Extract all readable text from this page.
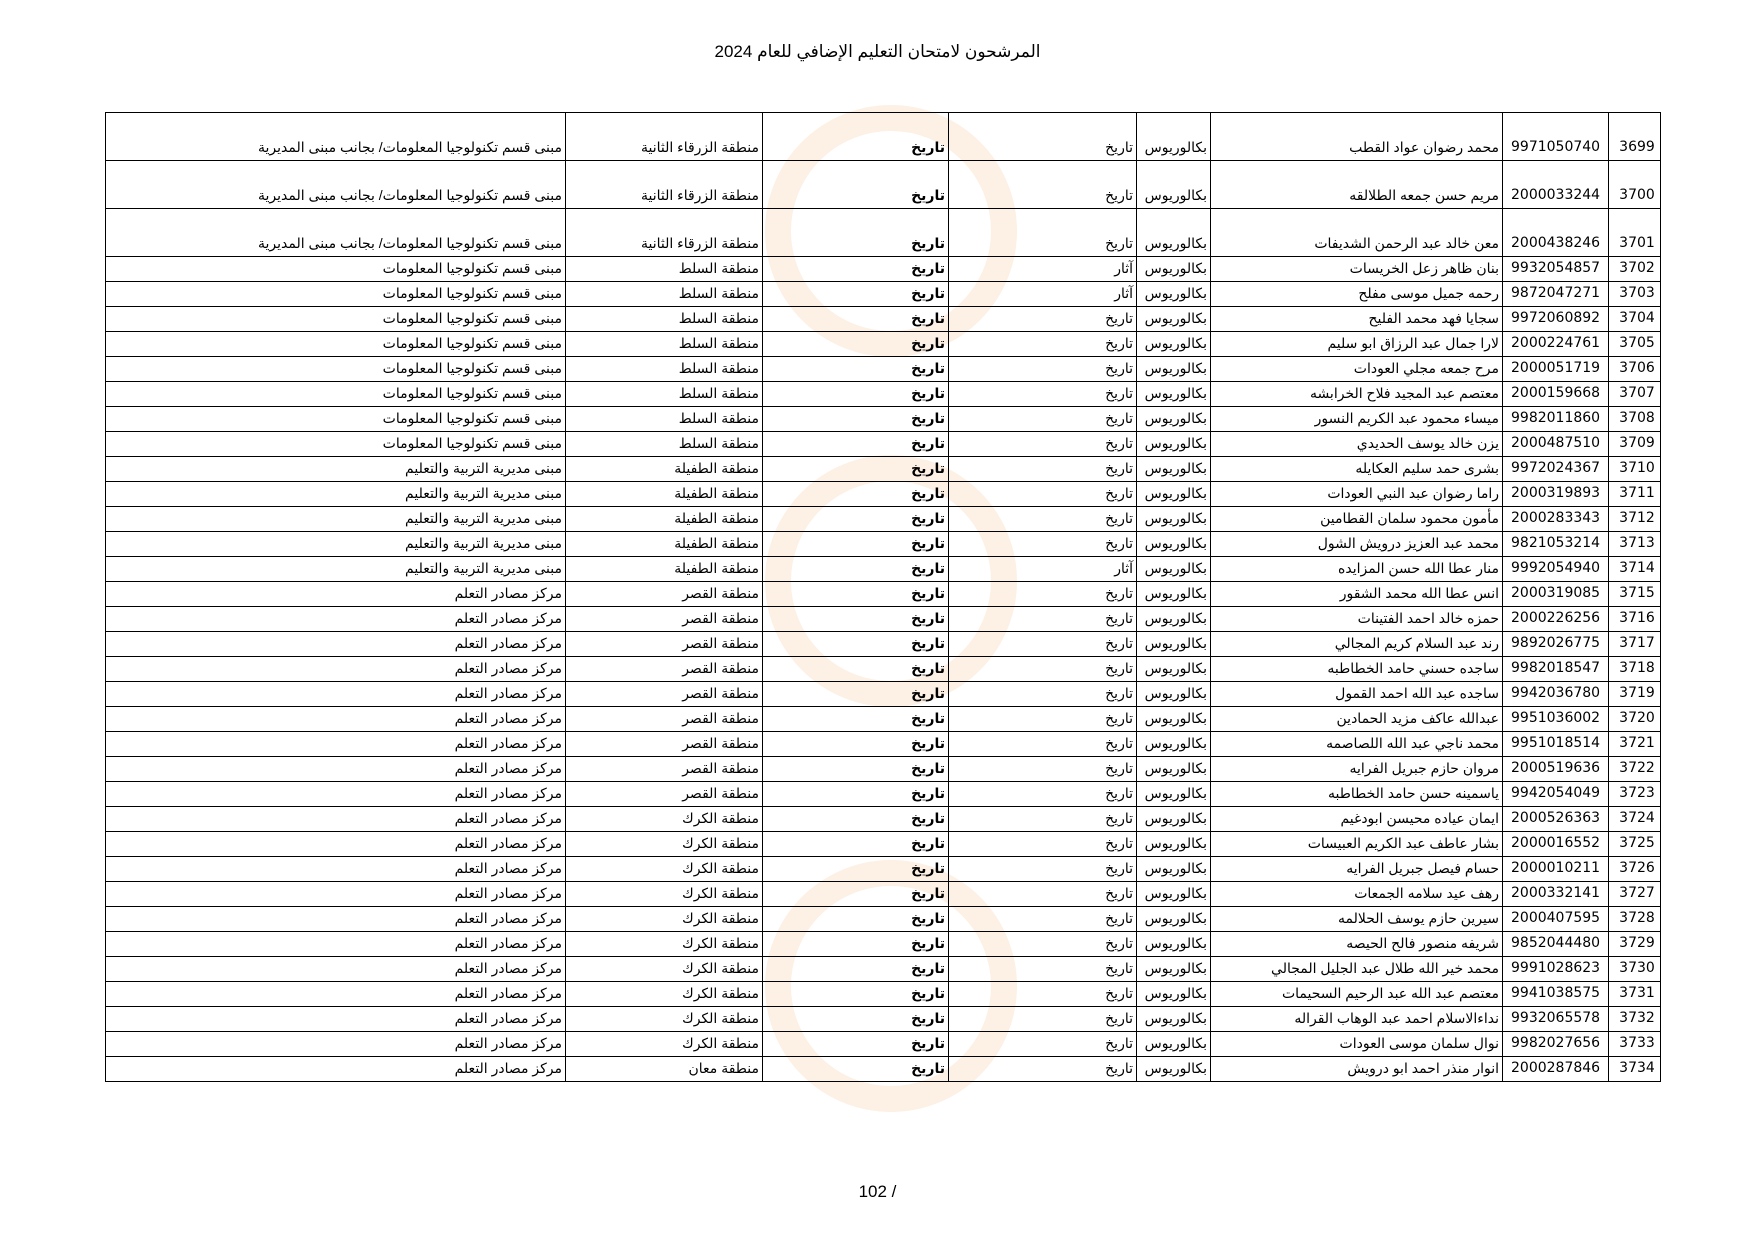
المرشحون لامتحان التعليم الإضافي للعام 2024
3699	9971050740	محمد رضوان عواد القطب	بكالوريوس	تاريخ	تاريخ	منطقة الزرقاء الثانية	مبنى قسم تكنولوجيا المعلومات/ بجانب مبنى المديرية
3700	2000033244	مريم حسن جمعه الطلالقه	بكالوريوس	تاريخ	تاريخ	منطقة الزرقاء الثانية	مبنى قسم تكنولوجيا المعلومات/ بجانب مبنى المديرية
3701	2000438246	معن خالد عبد الرحمن الشديفات	بكالوريوس	تاريخ	تاريخ	منطقة الزرقاء الثانية	مبنى قسم تكنولوجيا المعلومات/ بجانب مبنى المديرية
3702	9932054857	بنان ظاهر زعل الخريسات	بكالوريوس	آثار	تاريخ	منطقة السلط	مبنى قسم تكنولوجيا المعلومات
3703	9872047271	رحمه جميل موسى مفلح	بكالوريوس	آثار	تاريخ	منطقة السلط	مبنى قسم تكنولوجيا المعلومات
3704	9972060892	سجايا فهد محمد الفليح	بكالوريوس	تاريخ	تاريخ	منطقة السلط	مبنى قسم تكنولوجيا المعلومات
3705	2000224761	لارا جمال عبد الرزاق ابو سليم	بكالوريوس	تاريخ	تاريخ	منطقة السلط	مبنى قسم تكنولوجيا المعلومات
3706	2000051719	مرح جمعه مجلي العودات	بكالوريوس	تاريخ	تاريخ	منطقة السلط	مبنى قسم تكنولوجيا المعلومات
3707	2000159668	معتصم عبد المجيد فلاح الخرابشه	بكالوريوس	تاريخ	تاريخ	منطقة السلط	مبنى قسم تكنولوجيا المعلومات
3708	9982011860	ميساء محمود عبد الكريم النسور	بكالوريوس	تاريخ	تاريخ	منطقة السلط	مبنى قسم تكنولوجيا المعلومات
3709	2000487510	يزن خالد يوسف الحديدي	بكالوريوس	تاريخ	تاريخ	منطقة السلط	مبنى قسم تكنولوجيا المعلومات
3710	9972024367	بشرى حمد سليم العكايله	بكالوريوس	تاريخ	تاريخ	منطقة الطفيلة	مبنى مديرية التربية والتعليم
3711	2000319893	راما رضوان عبد النبي العودات	بكالوريوس	تاريخ	تاريخ	منطقة الطفيلة	مبنى مديرية التربية والتعليم
3712	2000283343	مأمون محمود سلمان القطامين	بكالوريوس	تاريخ	تاريخ	منطقة الطفيلة	مبنى مديرية التربية والتعليم
3713	9821053214	محمد عبد العزيز درويش الشول	بكالوريوس	تاريخ	تاريخ	منطقة الطفيلة	مبنى مديرية التربية والتعليم
3714	9992054940	منار عطا الله حسن المزايده	بكالوريوس	آثار	تاريخ	منطقة الطفيلة	مبنى مديرية التربية والتعليم
3715	2000319085	انس عطا الله محمد الشقور	بكالوريوس	تاريخ	تاريخ	منطقة القصر	مركز مصادر التعلم
3716	2000226256	حمزه خالد احمد الفتينات	بكالوريوس	تاريخ	تاريخ	منطقة القصر	مركز مصادر التعلم
3717	9892026775	رند عبد السلام كريم المجالي	بكالوريوس	تاريخ	تاريخ	منطقة القصر	مركز مصادر التعلم
3718	9982018547	ساجده حسني حامد الخطاطبه	بكالوريوس	تاريخ	تاريخ	منطقة القصر	مركز مصادر التعلم
3719	9942036780	ساجده عبد الله احمد القمول	بكالوريوس	تاريخ	تاريخ	منطقة القصر	مركز مصادر التعلم
3720	9951036002	عبدالله عاكف مزيد الحمادين	بكالوريوس	تاريخ	تاريخ	منطقة القصر	مركز مصادر التعلم
3721	9951018514	محمد ناجي عبد الله اللصاصمه	بكالوريوس	تاريخ	تاريخ	منطقة القصر	مركز مصادر التعلم
3722	2000519636	مروان حازم جبريل الفرايه	بكالوريوس	تاريخ	تاريخ	منطقة القصر	مركز مصادر التعلم
3723	9942054049	ياسمينه حسن حامد الخطاطبه	بكالوريوس	تاريخ	تاريخ	منطقة القصر	مركز مصادر التعلم
3724	2000526363	ايمان عياده محيسن ابودغيم	بكالوريوس	تاريخ	تاريخ	منطقة الكرك	مركز مصادر التعلم
3725	2000016552	بشار عاطف عبد الكريم العبيسات	بكالوريوس	تاريخ	تاريخ	منطقة الكرك	مركز مصادر التعلم
3726	2000010211	حسام فيصل جبريل الفرايه	بكالوريوس	تاريخ	تاريخ	منطقة الكرك	مركز مصادر التعلم
3727	2000332141	رهف عيد سلامه الجمعات	بكالوريوس	تاريخ	تاريخ	منطقة الكرك	مركز مصادر التعلم
3728	2000407595	سيرين حازم يوسف الحلالمه	بكالوريوس	تاريخ	تاريخ	منطقة الكرك	مركز مصادر التعلم
3729	9852044480	شريفه منصور فالح الحيصه	بكالوريوس	تاريخ	تاريخ	منطقة الكرك	مركز مصادر التعلم
3730	9991028623	محمد خير الله طلال عبد الجليل المجالي	بكالوريوس	تاريخ	تاريخ	منطقة الكرك	مركز مصادر التعلم
3731	9941038575	معتصم عبد الله عبد الرحيم السحيمات	بكالوريوس	تاريخ	تاريخ	منطقة الكرك	مركز مصادر التعلم
3732	9932065578	نداءالاسلام احمد عبد الوهاب القراله	بكالوريوس	تاريخ	تاريخ	منطقة الكرك	مركز مصادر التعلم
3733	9982027656	نوال سلمان موسى العودات	بكالوريوس	تاريخ	تاريخ	منطقة الكرك	مركز مصادر التعلم
3734	2000287846	انوار منذر احمد ابو درويش	بكالوريوس	تاريخ	تاريخ	منطقة معان	مركز مصادر التعلم
102 /
